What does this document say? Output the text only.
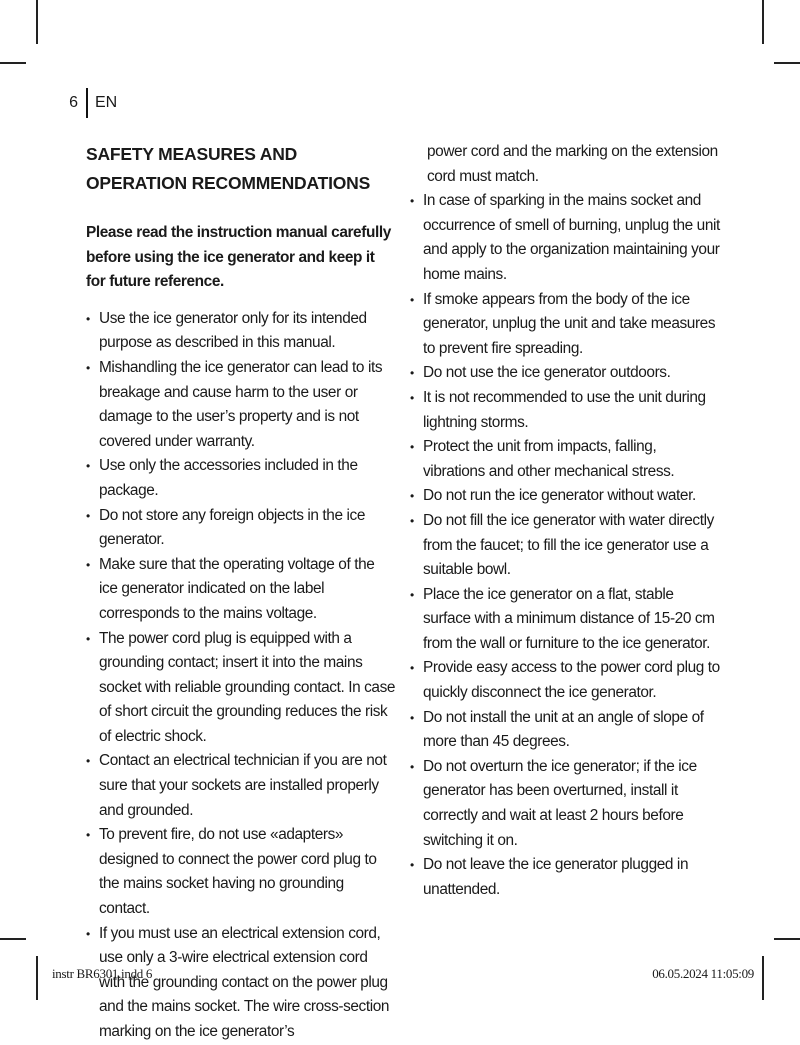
6 EN
SAFETY MEASURES AND OPERATION RECOMMENDATIONS

Please read the instruction manual carefully before using the ice generator and keep it for future reference.

• Use the ice generator only for its intended purpose as described in this manual.
• Mishandling the ice generator can lead to its breakage and cause harm to the user or damage to the user’s property and is not covered under warranty.
• Use only the accessories included in the package.
• Do not store any foreign objects in the ice generator.
• Make sure that the operating voltage of the ice generator indicated on the label corresponds to the mains voltage.
• The power cord plug is equipped with a grounding contact; insert it into the mains socket with reliable grounding contact. In case of short circuit the grounding reduces the risk of electric shock.
• Contact an electrical technician if you are not sure that your sockets are installed properly and grounded.
• To prevent fire, do not use «adapters» designed to connect the power cord plug to the mains socket having no grounding contact.
• If you must use an electrical extension cord, use only a 3-wire electrical extension cord with the grounding contact on the power plug and the mains socket. The wire cross-section marking on the ice generator’s
power cord and the marking on the extension cord must match.
• In case of sparking in the mains socket and occurrence of smell of burning, unplug the unit and apply to the organization maintaining your home mains.
• If smoke appears from the body of the ice generator, unplug the unit and take measures to prevent fire spreading.
• Do not use the ice generator outdoors.
• It is not recommended to use the unit during lightning storms.
• Protect the unit from impacts, falling, vibrations and other mechanical stress.
• Do not run the ice generator without water.
• Do not fill the ice generator with water directly from the faucet; to fill the ice generator use a suitable bowl.
• Place the ice generator on a flat, stable surface with a minimum distance of 15-20 cm from the wall or furniture to the ice generator.
• Provide easy access to the power cord plug to quickly disconnect the ice generator.
• Do not install the unit at an angle of slope of more than 45 degrees.
• Do not overturn the ice generator; if the ice generator has been overturned, install it correctly and wait at least 2 hours before switching it on.
• Do not leave the ice generator plugged in unattended.
instr BR6301.indd 6	06.05.2024 11:05:09
